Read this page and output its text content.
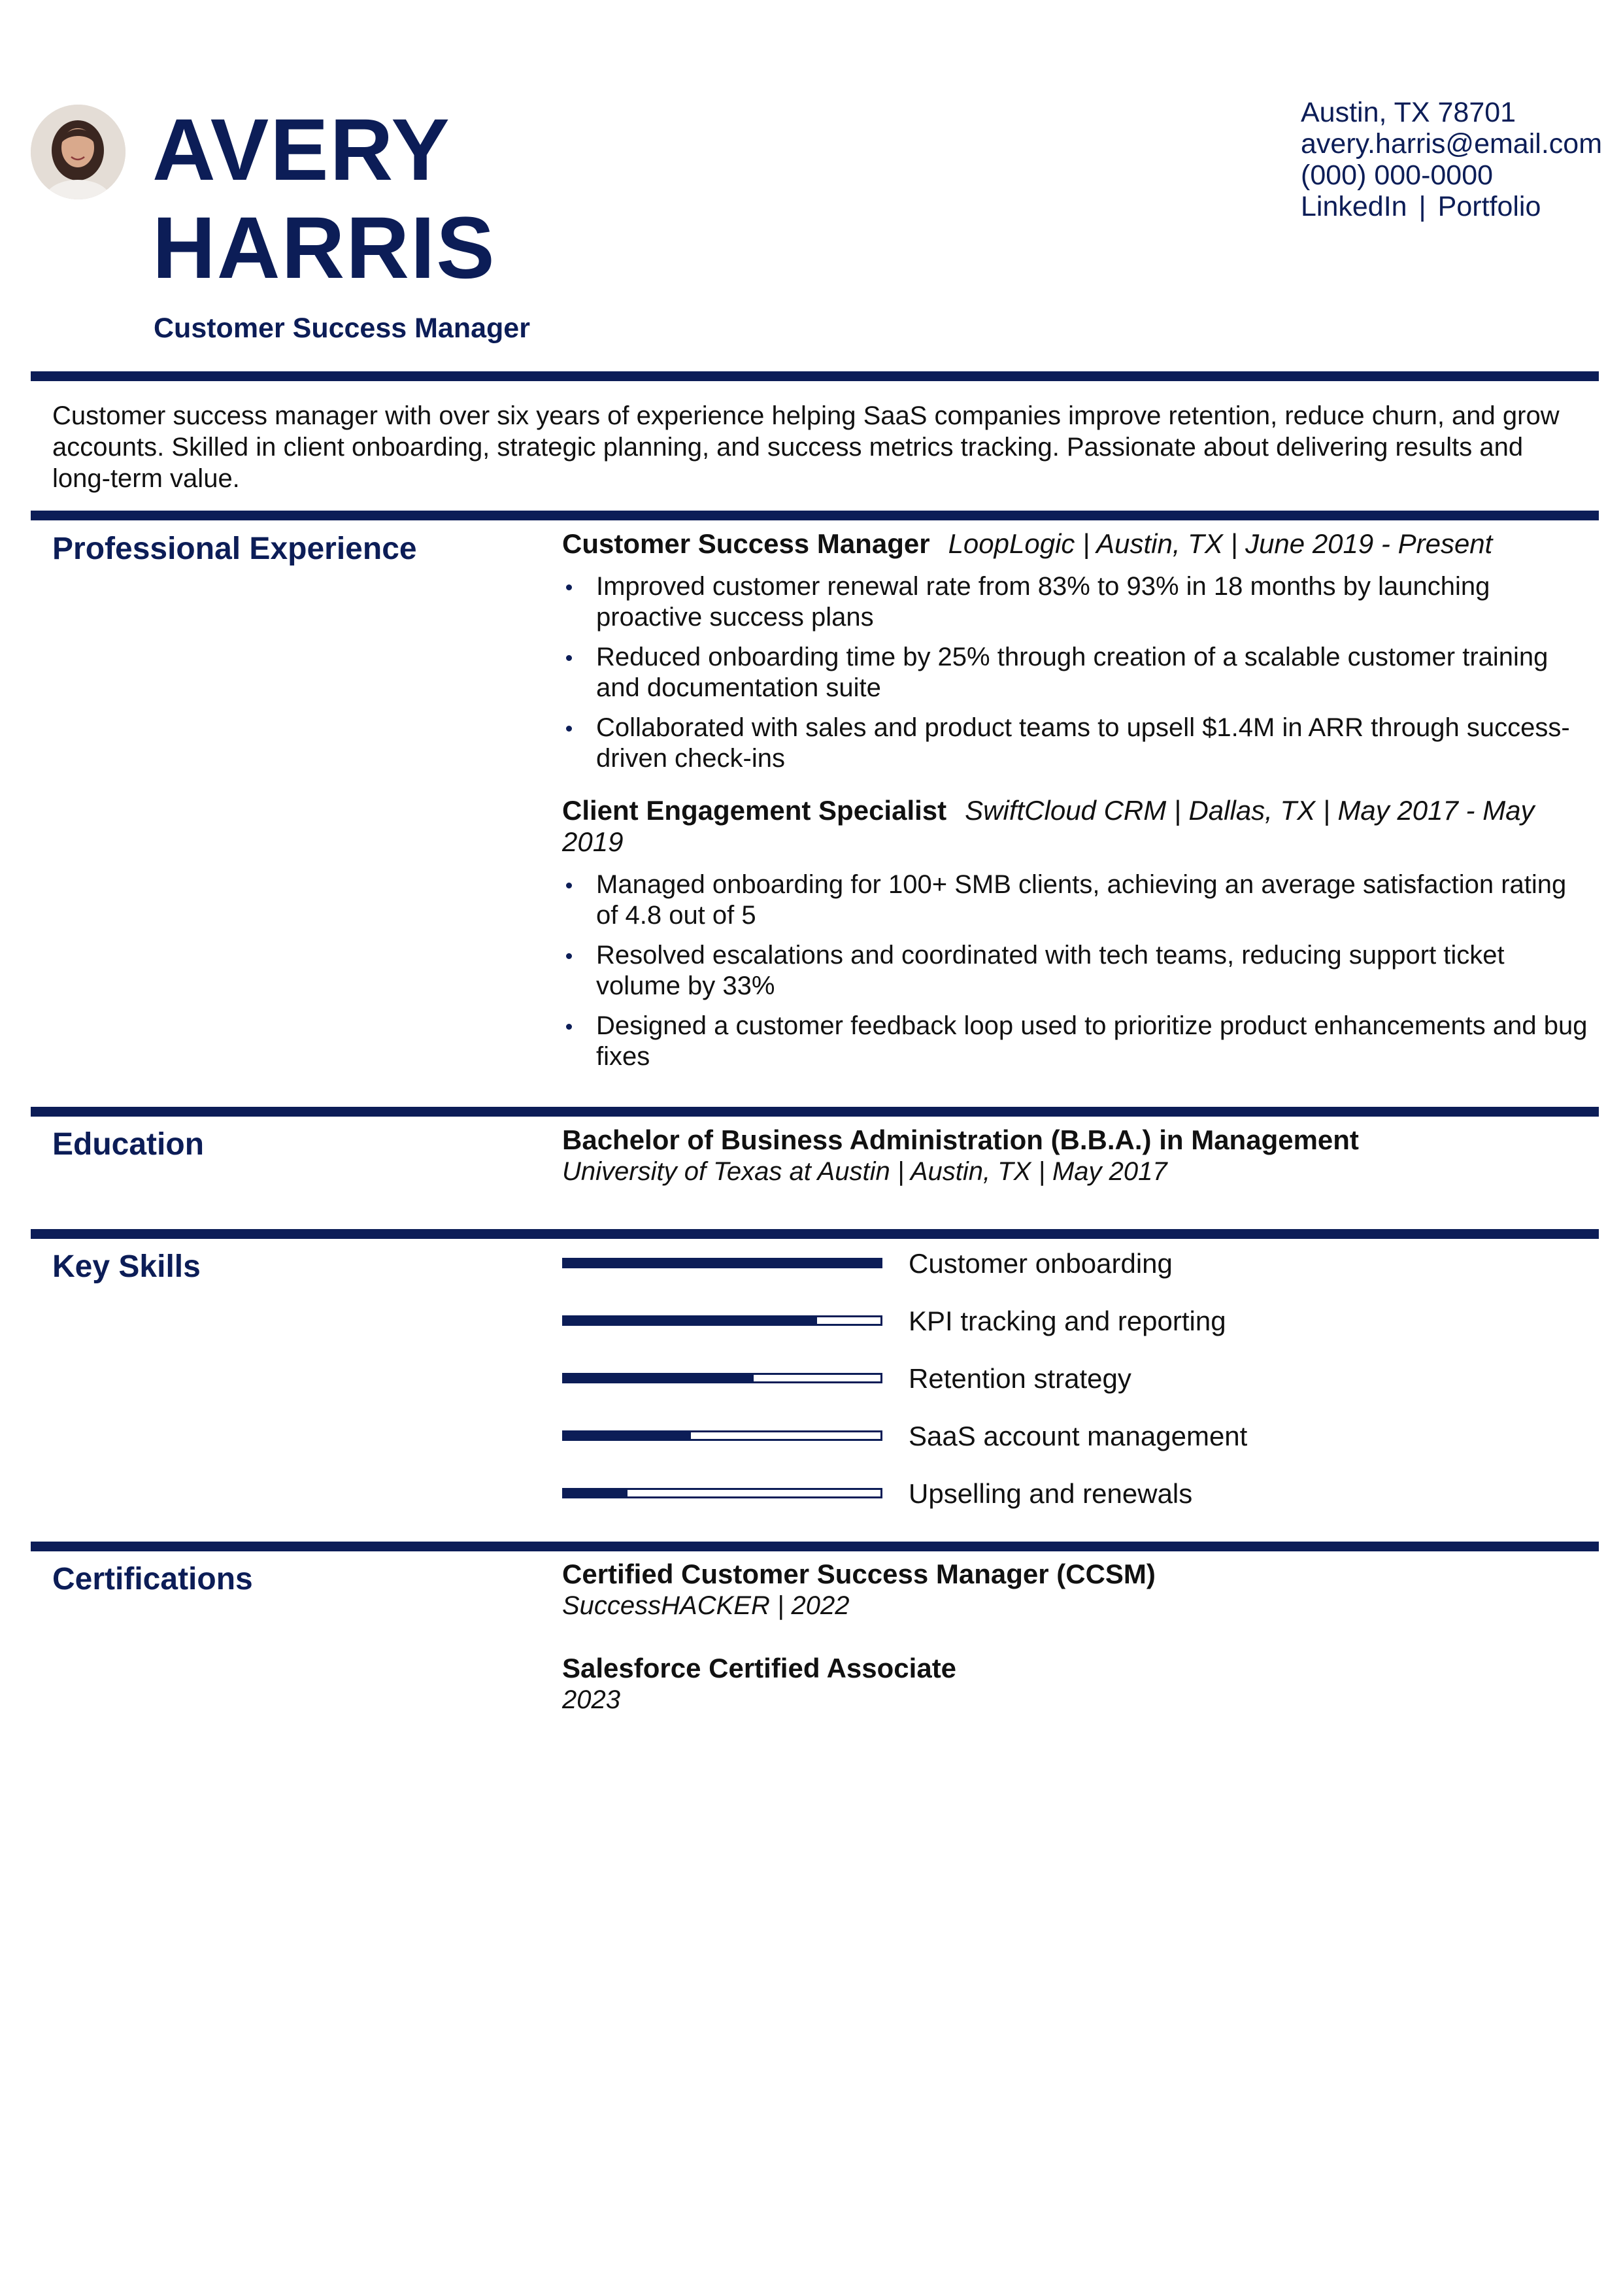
AVERY
HARRIS
Customer Success Manager
Austin, TX 78701
avery.harris@email.com
(000) 000-0000
LinkedIn | Portfolio
Customer success manager with over six years of experience helping SaaS companies improve retention, reduce churn, and grow accounts. Skilled in client onboarding, strategic planning, and success metrics tracking. Passionate about delivering results and long-term value.
Professional Experience	Customer Success Manager LoopLogic | Austin, TX | June 2019 - Present
Improved customer renewal rate from 83% to 93% in 18 months by launching proactive success plans
Reduced onboarding time by 25% through creation of a scalable customer training and documentation suite
Collaborated with sales and product teams to upsell $1.4M in ARR through success-driven check-ins
Client Engagement Specialist SwiftCloud CRM | Dallas, TX | May 2017 - May 2019
Managed onboarding for 100+ SMB clients, achieving an average satisfaction rating of 4.8 out of 5
Resolved escalations and coordinated with tech teams, reducing support ticket volume by 33%
Designed a customer feedback loop used to prioritize product enhancements and bug fixes
Education	Bachelor of Business Administration (B.B.A.) in Management
University of Texas at Austin | Austin, TX | May 2017
Key Skills	Customer onboarding
KPI tracking and reporting
Retention strategy
SaaS account management
Upselling and renewals
Certifications	Certified Customer Success Manager (CCSM)
SuccessHACKER | 2022
Salesforce Certified Associate
2023
